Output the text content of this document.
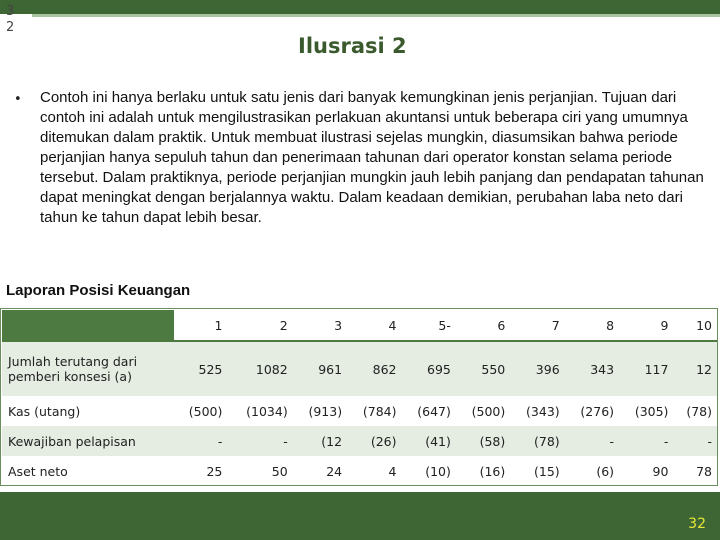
3
2
Ilusrasi 2
• Contoh ini hanya berlaku untuk satu jenis dari banyak kemungkinan jenis perjanjian. Tujuan dari contoh ini adalah untuk mengilustrasikan perlakuan akuntansi untuk beberapa ciri yang umumnya ditemukan dalam praktik. Untuk membuat ilustrasi sejelas mungkin, diasumsikan bahwa periode perjanjian hanya sepuluh tahun dan penerimaan tahunan dari operator konstan selama periode tersebut. Dalam praktiknya, periode perjanjian mungkin jauh lebih panjang dan pendapatan tahunan dapat meningkat dengan berjalannya waktu. Dalam keadaan demikian, perubahan laba neto dari tahun ke tahun dapat lebih besar.
Laporan Posisi Keuangan
	1	2	3	4	5-	6	7	8	9	10
Jumlah terutang dari pemberi konsesi (a)	525	1082	961	862	695	550	396	343	117	12
Kas (utang)	(500)	(1034)	(913)	(784)	(647)	(500)	(343)	(276)	(305)	(78)
Kewajiban pelapisan	-	-	(12	(26)	(41)	(58)	(78)	-	-	-
Aset neto	25	50	24	4	(10)	(16)	(15)	(6)	90	78
32
